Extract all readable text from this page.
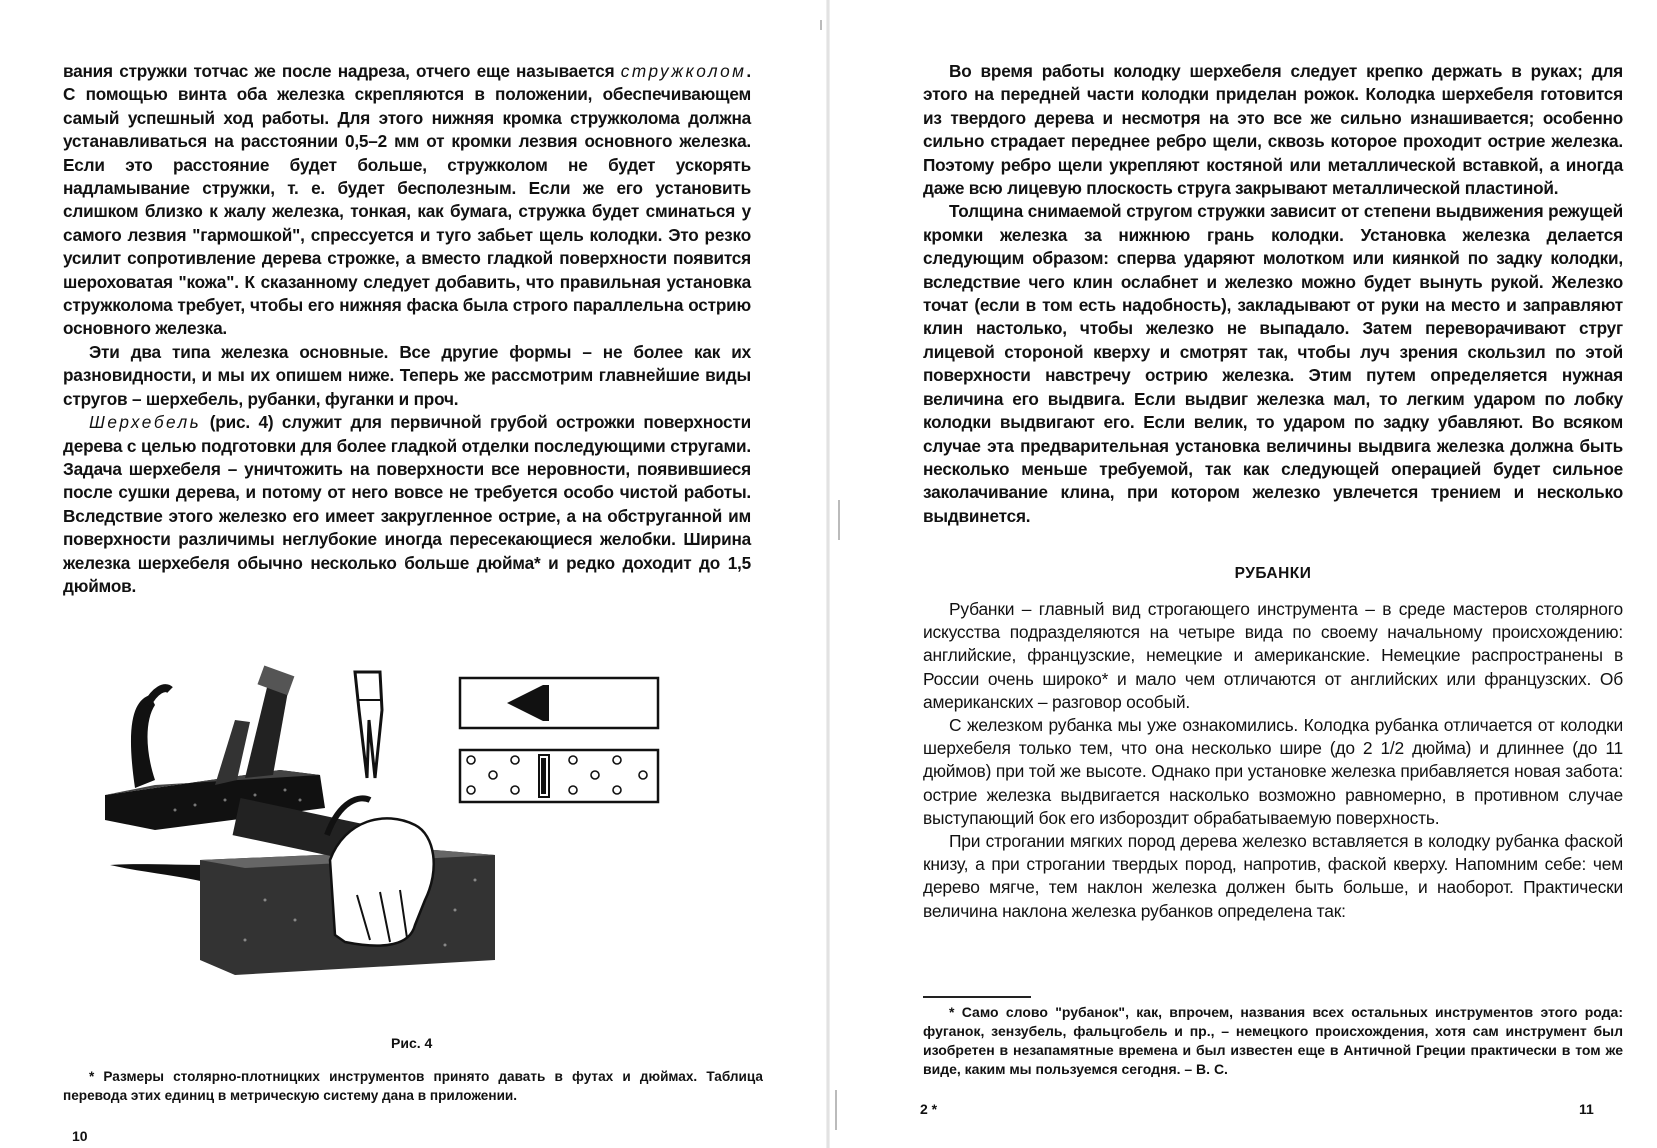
вания стружки тотчас же после надреза, отчего еще называется стружколом. С помощью винта оба железка скрепляются в положении, обеспечивающем самый успешный ход работы. Для этого нижняя кромка стружколома должна устанавливаться на расстоянии 0,5–2 мм от кромки лезвия основного железка. Если это расстояние будет больше, стружколом не будет ускорять надламывание стружки, т. е. будет бесполезным. Если же его установить слишком близко к жалу железка, тонкая, как бумага, стружка будет сминаться у самого лезвия "гармошкой", спрессуется и туго забьет щель колодки. Это резко усилит сопротивление дерева строжке, а вместо гладкой поверхности появится шероховатая "кожа". К сказанному следует добавить, что правильная установка стружколома требует, чтобы его нижняя фаска была строго параллельна острию основного железка.

Эти два типа железка основные. Все другие формы – не более как их разновидности, и мы их опишем ниже. Теперь же рассмотрим главнейшие виды стругов – шерхебель, рубанки, фуганки и проч.

Шерхебель (рис. 4) служит для первичной грубой острожки поверхности дерева с целью подготовки для более гладкой отделки последующими стругами. Задача шерхебеля – уничтожить на поверхности все неровности, появившиеся после сушки дерева, и потому от него вовсе не требуется особо чистой работы. Вследствие этого железко его имеет закругленное острие, а на обструганной им поверхности различимы неглубокие иногда пересекающиеся желобки. Ширина железка шерхебеля обычно несколько больше дюйма* и редко доходит до 1,5 дюймов.

Рис. 4

* Размеры столярно-плотницких инструментов принято давать в футах и дюймах. Таблица перевода этих единиц в метрическую систему дана в приложении.

10

Во время работы колодку шерхебеля следует крепко держать в руках; для этого на передней части колодки приделан рожок. Колодка шерхебеля готовится из твердого дерева и несмотря на это все же сильно изнашивается; особенно сильно страдает переднее ребро щели, сквозь которое проходит острие железка. Поэтому ребро щели укрепляют костяной или металлической вставкой, а иногда даже всю лицевую плоскость струга закрывают металлической пластиной.

Толщина снимаемой стругом стружки зависит от степени выдвижения режущей кромки железка за нижнюю грань колодки. Установка железка делается следующим образом: сперва ударяют молотком или киянкой по задку колодки, вследствие чего клин ослабнет и железко можно будет вынуть рукой. Железко точат (если в том есть надобность), закладывают от руки на место и заправляют клин настолько, чтобы железко не выпадало. Затем переворачивают струг лицевой стороной кверху и смотрят так, чтобы луч зрения скользил по этой поверхности навстречу острию железка. Этим путем определяется нужная величина его выдвига. Если выдвиг железка мал, то легким ударом по лобку колодки выдвигают его. Если велик, то ударом по задку убавляют. Во всяком случае эта предварительная установка величины выдвига железка должна быть несколько меньше требуемой, так как следующей операцией будет сильное заколачивание клина, при котором железко увлечется трением и несколько выдвинется.

РУБАНКИ

Рубанки – главный вид строгающего инструмента – в среде мастеров столярного искусства подразделяются на четыре вида по своему начальному происхождению: английские, французские, немецкие и американские. Немецкие распространены в России очень широко* и мало чем отличаются от английских или французских. Об американских – разговор особый.

С железком рубанка мы уже ознакомились. Колодка рубанка отличается от колодки шерхебеля только тем, что она несколько шире (до 2 1/2 дюйма) и длиннее (до 11 дюймов) при той же высоте. Однако при установке железка прибавляется новая забота: острие железка выдвигается насколько возможно равномерно, в противном случае выступающий бок его избороздит обрабатываемую поверхность.

При строгании мягких пород дерева железко вставляется в колодку рубанка фаской книзу, а при строгании твердых пород, напротив, фаской кверху. Напомним себе: чем дерево мягче, тем наклон железка должен быть больше, и наоборот. Практически величина наклона железка рубанков определена так:

* Само слово "рубанок", как, впрочем, названия всех остальных инструментов этого рода: фуганок, зензубель, фальцгобель и пр., – немецкого происхождения, хотя сам инструмент был изобретен в незапамятные времена и был известен еще в Античной Греции практически в том же виде, каким мы пользуемся сегодня. – В. С.

2 *	11
